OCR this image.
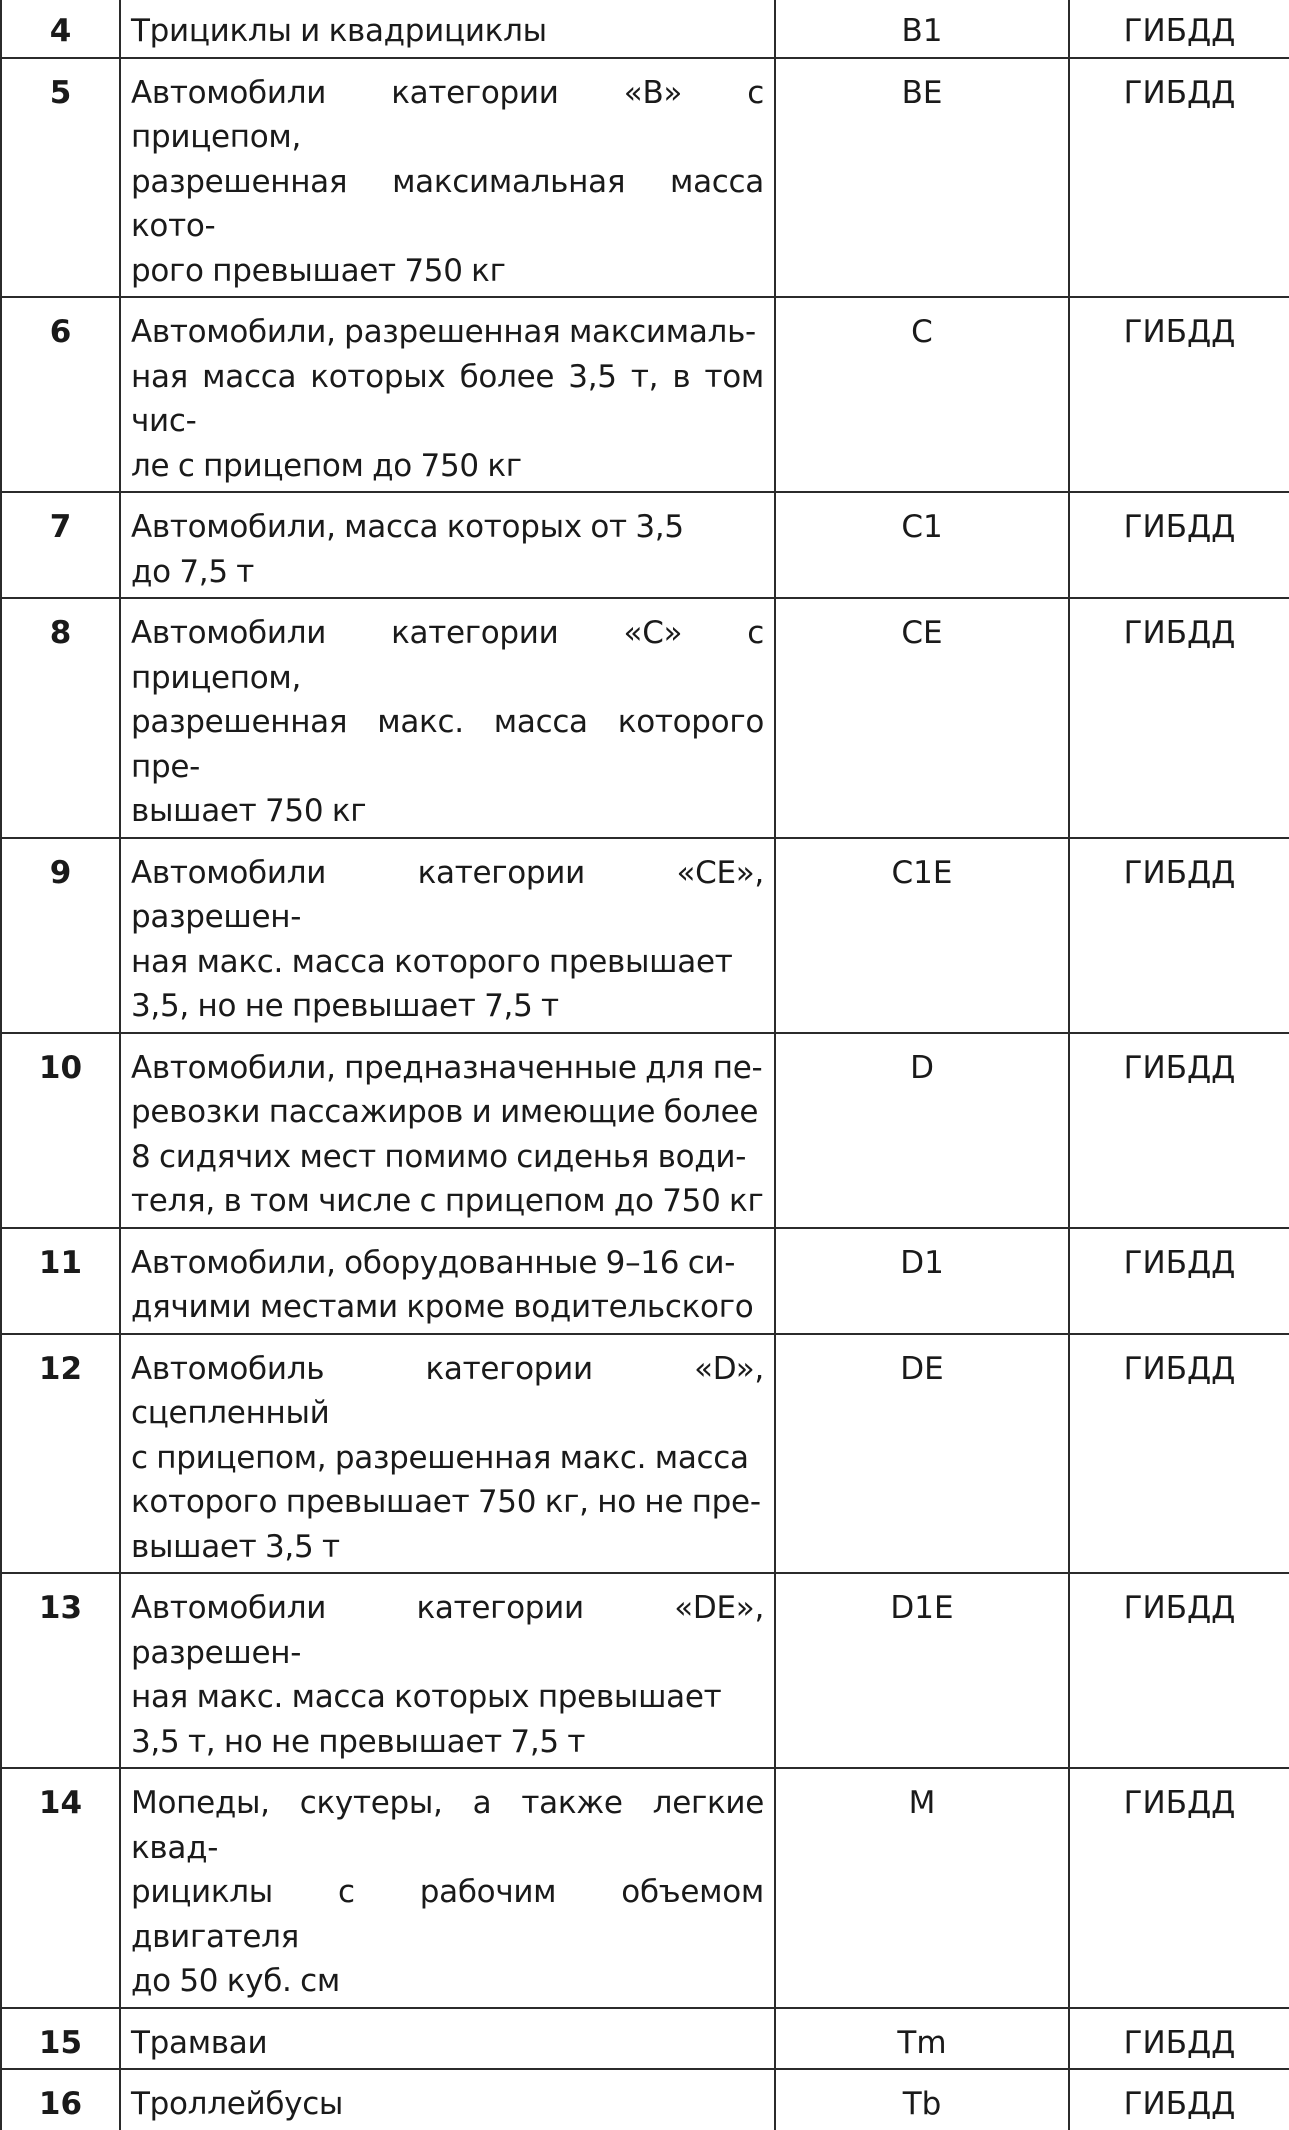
4	Трициклы и квадрициклы	B1	ГИБДД
5	Автомобили категории «В» с прицепом,
разрешенная максимальная масса кото-
рого превышает 750 кг	BE	ГИБДД
6	Автомобили, разрешенная максималь-
ная масса которых более 3,5 т, в том чис-
ле с прицепом до 750 кг	C	ГИБДД
7	Автомобили, масса которых от 3,5
до 7,5 т	C1	ГИБДД
8	Автомобили категории «С» с прицепом,
разрешенная макс. масса которого пре-
вышает 750 кг	CE	ГИБДД
9	Автомобили категории «СЕ», разрешен-
ная макс. масса которого превышает
3,5, но не превышает 7,5 т	C1E	ГИБДД
10	Автомобили, предназначенные для пе-
ревозки пассажиров и имеющие более
8 сидячих мест помимо сиденья води-
теля, в том числе с прицепом до 750 кг	D	ГИБДД
11	Автомобили, оборудованные 9–16 си-
дячими местами кроме водительского	D1	ГИБДД
12	Автомобиль категории «D», сцепленный
с прицепом, разрешенная макс. масса
которого превышает 750 кг, но не пре-
вышает 3,5 т	DE	ГИБДД
13	Автомобили категории «DE», разрешен-
ная макс. масса которых превышает
3,5 т, но не превышает 7,5 т	D1E	ГИБДД
14	Мопеды, скутеры, а также легкие квад-
рициклы с рабочим объемом двигателя
до 50 куб. см	M	ГИБДД
15	Трамваи	Tm	ГИБДД
16	Троллейбусы	Tb	ГИБДД
